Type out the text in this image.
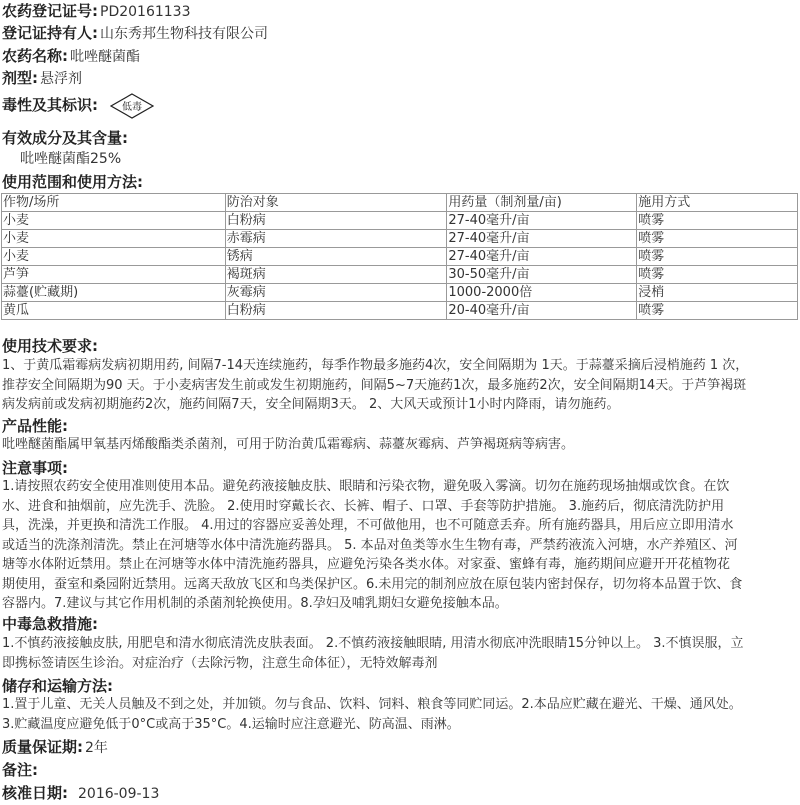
农药登记证号: PD20161133
登记证持有人: 山东秀邦生物科技有限公司
农药名称: 吡唑醚菌酯
剂型: 悬浮剂
毒性及其标识: 低毒
有效成分及其含量:
吡唑醚菌酯25%
使用范围和使用方法:
作物/场所	防治对象	用药量（制剂量/亩)	施用方式
小麦	白粉病	27-40毫升/亩	喷雾
小麦	赤霉病	27-40毫升/亩	喷雾
小麦	锈病	27-40毫升/亩	喷雾
芦笋	褐斑病	30-50毫升/亩	喷雾
蒜薹(贮藏期)	灰霉病	1000-2000倍	浸梢
黄瓜	白粉病	20-40毫升/亩	喷雾
使用技术要求:

1、于黄瓜霜霉病发病初期用药, 间隔7-14天连续施药，每季作物最多施药4次，安全间隔期为 1天。于蒜薹采摘后浸梢施药 1 次，

推荐安全间隔期为90 天。于小麦病害发生前或发生初期施药，间隔5~7天施药1次，最多施药2次，安全间隔期14天。于芦笋褐斑

病发病前或发病初期施药2次，施药间隔7天，安全间隔期3天。 2、大风天或预计1小时内降雨，请勿施药。

产品性能:

吡唑醚菌酯属甲氧基丙烯酸酯类杀菌剂，可用于防治黄瓜霜霉病、蒜薹灰霉病、芦笋褐斑病等病害。

注意事项:

1.请按照农药安全使用准则使用本品。避免药液接触皮肤、眼睛和污染衣物，避免吸入雾滴。切勿在施药现场抽烟或饮食。在饮

水、进食和抽烟前，应先洗手、洗脸。 2.使用时穿戴长衣、长裤、帽子、口罩、手套等防护措施。 3.施药后，彻底清洗防护用

具，洗澡，并更换和清洗工作服。 4.用过的容器应妥善处理，不可做他用，也不可随意丢弃。所有施药器具，用后应立即用清水

或适当的洗涤剂清洗。禁止在河塘等水体中清洗施药器具。 5. 本品对鱼类等水生生物有毒，严禁药液流入河塘，水产养殖区、河

塘等水体附近禁用。禁止在河塘等水体中清洗施药器具，应避免污染各类水体。对家蚕、蜜蜂有毒，施药期间应避开开花植物花

期使用，蚕室和桑园附近禁用。远离天敌放飞区和鸟类保护区。6.未用完的制剂应放在原包装内密封保存，切勿将本品置于饮、食

容器内。7.建议与其它作用机制的杀菌剂轮换使用。8.孕妇及哺乳期妇女避免接触本品。

中毒急救措施:

1.不慎药液接触皮肤, 用肥皂和清水彻底清洗皮肤表面。 2.不慎药液接触眼睛, 用清水彻底冲洗眼睛15分钟以上。 3.不慎误服，立

即携标签请医生诊治。对症治疗（去除污物，注意生命体征），无特效解毒剂

储存和运输方法:

1.置于儿童、无关人员触及不到之处，并加锁。勿与食品、饮料、饲料、粮食等同贮同运。2.本品应贮藏在避光、干燥、通风处。

3.贮藏温度应避免低于0°C或高于35°C。4.运输时应注意避光、防高温、雨淋。

质量保证期: 2年
备注:
核准日期: 2016-09-13
